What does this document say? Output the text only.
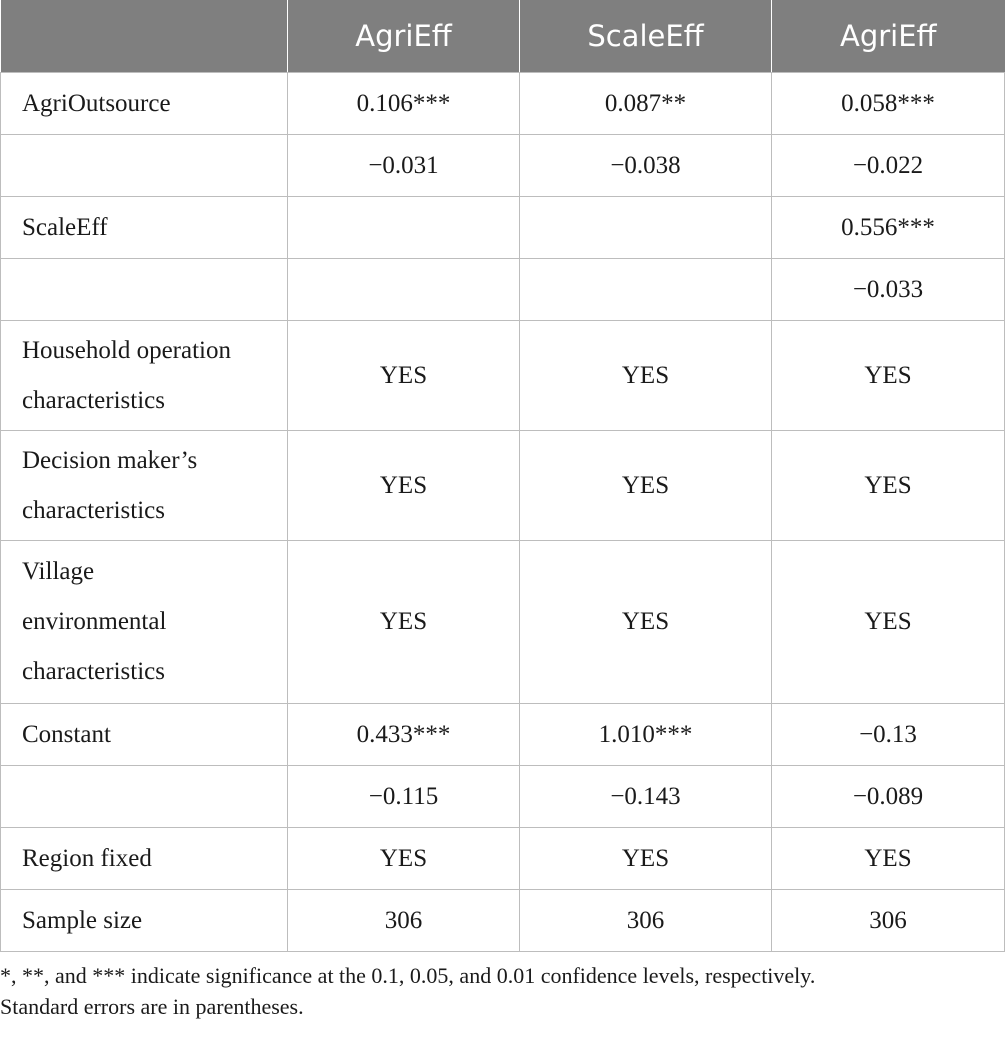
	AgriEff	ScaleEff	AgriEff
AgriOutsource	0.106***	0.087**	0.058***
	−0.031	−0.038	−0.022
ScaleEff			0.556***
			−0.033
Household operation characteristics	YES	YES	YES
Decision maker’s characteristics	YES	YES	YES
Village environmental characteristics	YES	YES	YES
Constant	0.433***	1.010***	−0.13
	−0.115	−0.143	−0.089
Region fixed	YES	YES	YES
Sample size	306	306	306
*, **, and *** indicate significance at the 0.1, 0.05, and 0.01 confidence levels, respectively.
Standard errors are in parentheses.
